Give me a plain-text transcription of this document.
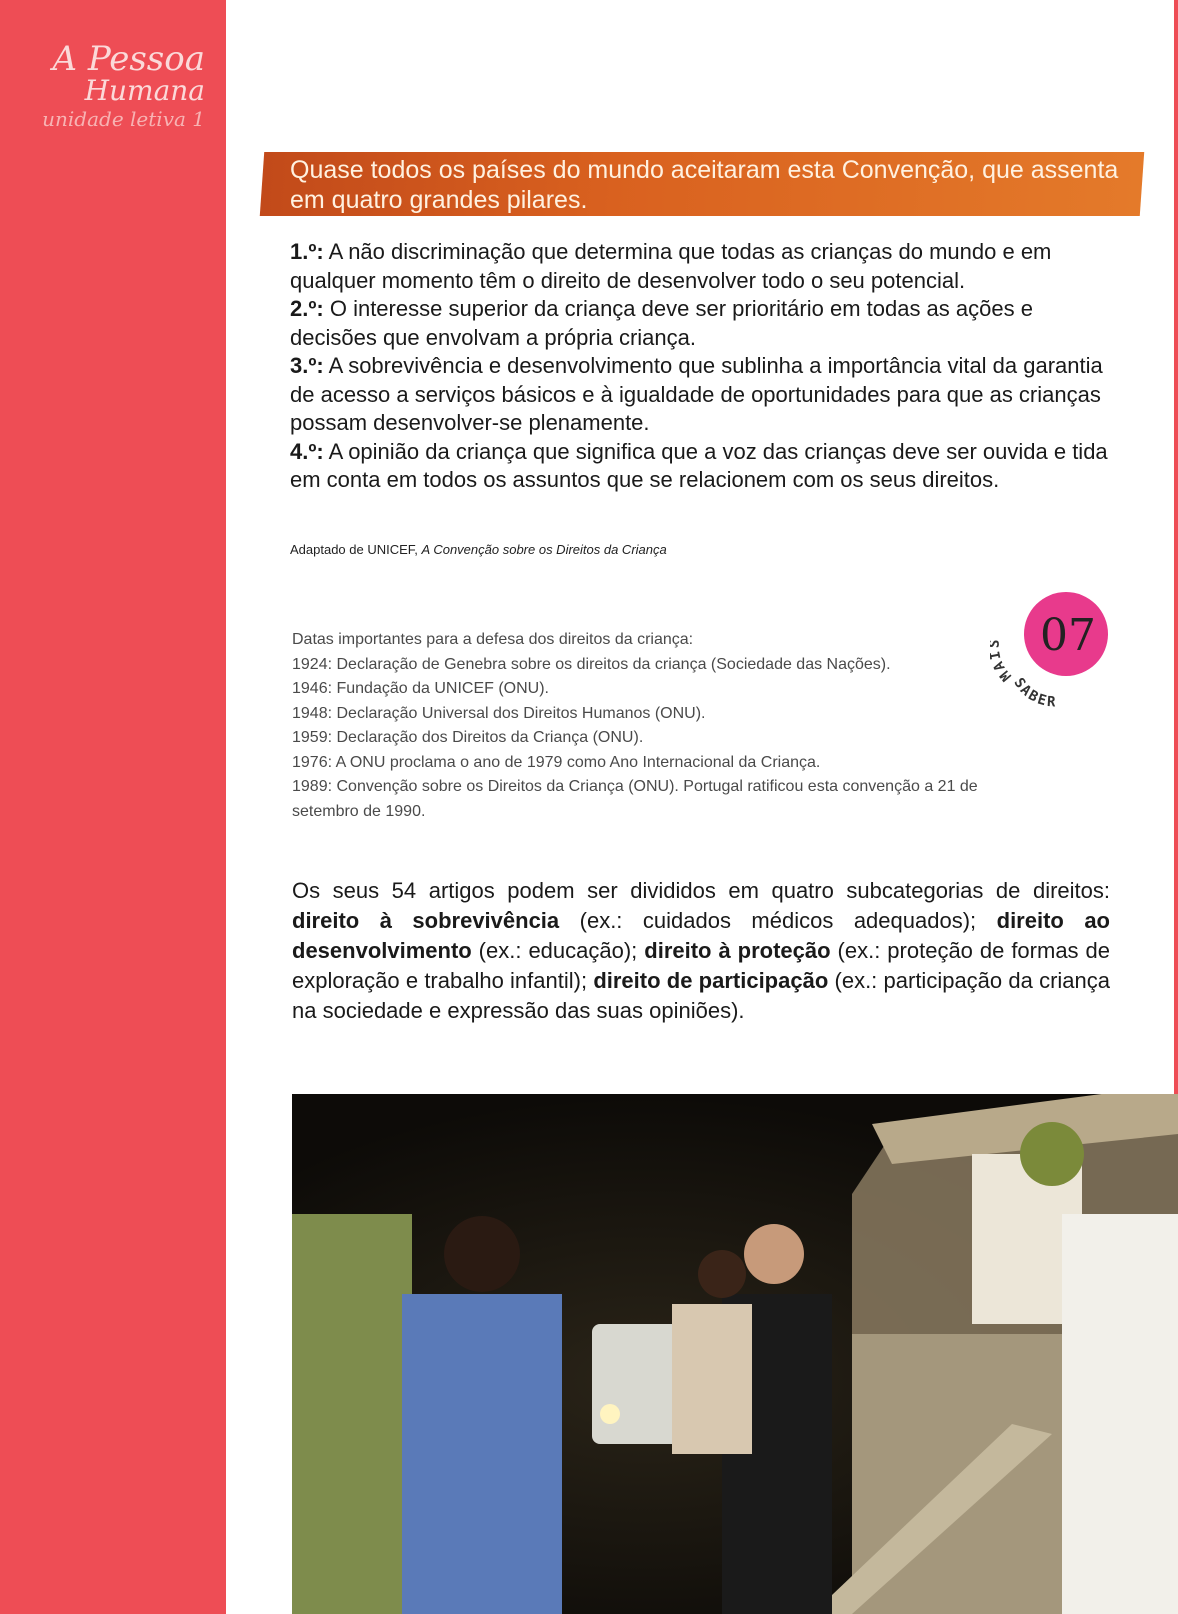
A Pessoa
Humana
unidade letiva 1
Quase todos os países do mundo aceitaram esta Convenção, que assenta em quatro grandes pilares.

1.º: A não discriminação que determina que todas as crianças do mundo e em qualquer momento têm o direito de desenvolver todo o seu potencial.

2.º: O interesse superior da criança deve ser prioritário em todas as ações e decisões que envolvam a própria criança.

3.º: A sobrevivência e desenvolvimento que sublinha a importância vital da garantia de acesso a serviços básicos e à igualdade de oportunidades para que as crianças possam desenvolver-se plenamente.

4.º: A opinião da criança que significa que a voz das crianças deve ser ouvida e tida em conta em todos os assuntos que se relacionem com os seus direitos.

Adaptado de UNICEF, A Convenção sobre os Direitos da Criança
Datas importantes para a defesa dos direitos da criança:
1924: Declaração de Genebra sobre os direitos da criança (Sociedade das Nações).
1946: Fundação da UNICEF (ONU).
1948: Declaração Universal dos Direitos Humanos (ONU).
1959: Declaração dos Direitos da Criança (ONU).
1976: A ONU proclama o ano de 1979 como Ano Internacional da Criança.
1989: Convenção sobre os Direitos da Criança (ONU). Portugal ratificou esta convenção a 21 de setembro de 1990.
MA
SABER
07
Os seus 54 artigos podem ser divididos em quatro subcategorias de direitos: direito à sobrevivência (ex.: cuidados médicos adequados); direito ao desenvolvimento (ex.: educação); direito à proteção (ex.: proteção de formas de exploração e trabalho infantil); direito de participação (ex.: participação da criança na sociedade e expressão das suas opiniões).
